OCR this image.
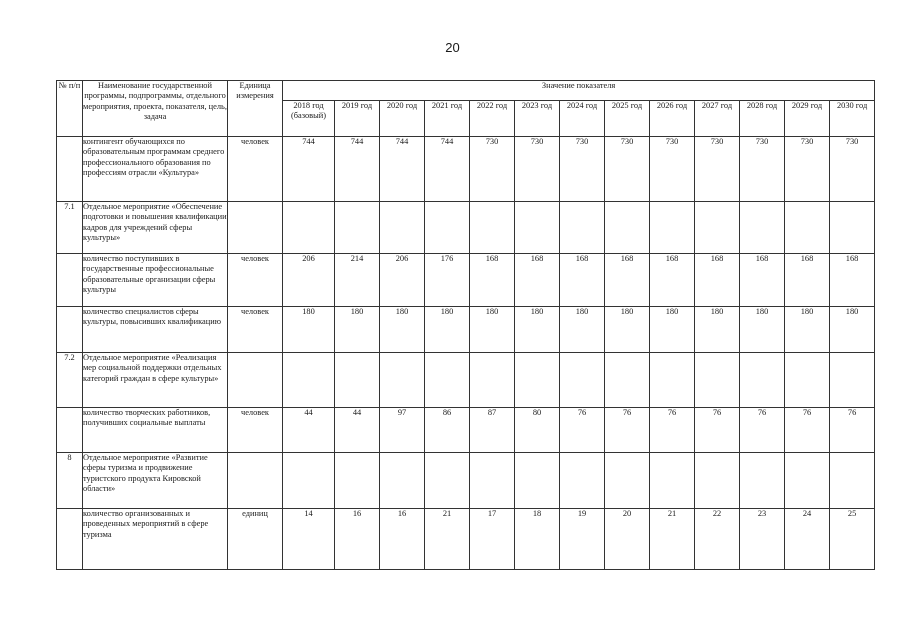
20
№ п/п	Наименование государственной программы, подпрограммы, отдельного мероприятия, проекта, показателя, цель, задача	Единица измерения	Значение показателя												
			2018 год (базовый)	2019 год	2020 год	2021 год	2022 год	2023 год	2024 год	2025 год	2026 год	2027 год	2028 год	2029 год	2030 год
	контингент обучающихся по образовательным программам среднего профессионального образования по профессиям отрасли «Культура»	человек	744	744	744	744	730	730	730	730	730	730	730	730	730
7.1	Отдельное мероприятие «Обеспечение подготовки и повышения квалификации кадров для учреждений сферы культуры»														
	количество поступивших в государственные профессиональные образовательные организации сферы культуры	человек	206	214	206	176	168	168	168	168	168	168	168	168	168
	количество специалистов сферы культуры, повысивших квалификацию	человек	180	180	180	180	180	180	180	180	180	180	180	180	180
7.2	Отдельное мероприятие «Реализация мер социальной поддержки отдельных категорий граждан в сфере культуры»														
	количество творческих работников, получивших социальные выплаты	человек	44	44	97	86	87	80	76	76	76	76	76	76	76
8	Отдельное мероприятие «Развитие сферы туризма и продвижение туристского продукта Кировской области»														
	количество организованных и проведенных мероприятий в сфере туризма	единиц	14	16	16	21	17	18	19	20	21	22	23	24	25
